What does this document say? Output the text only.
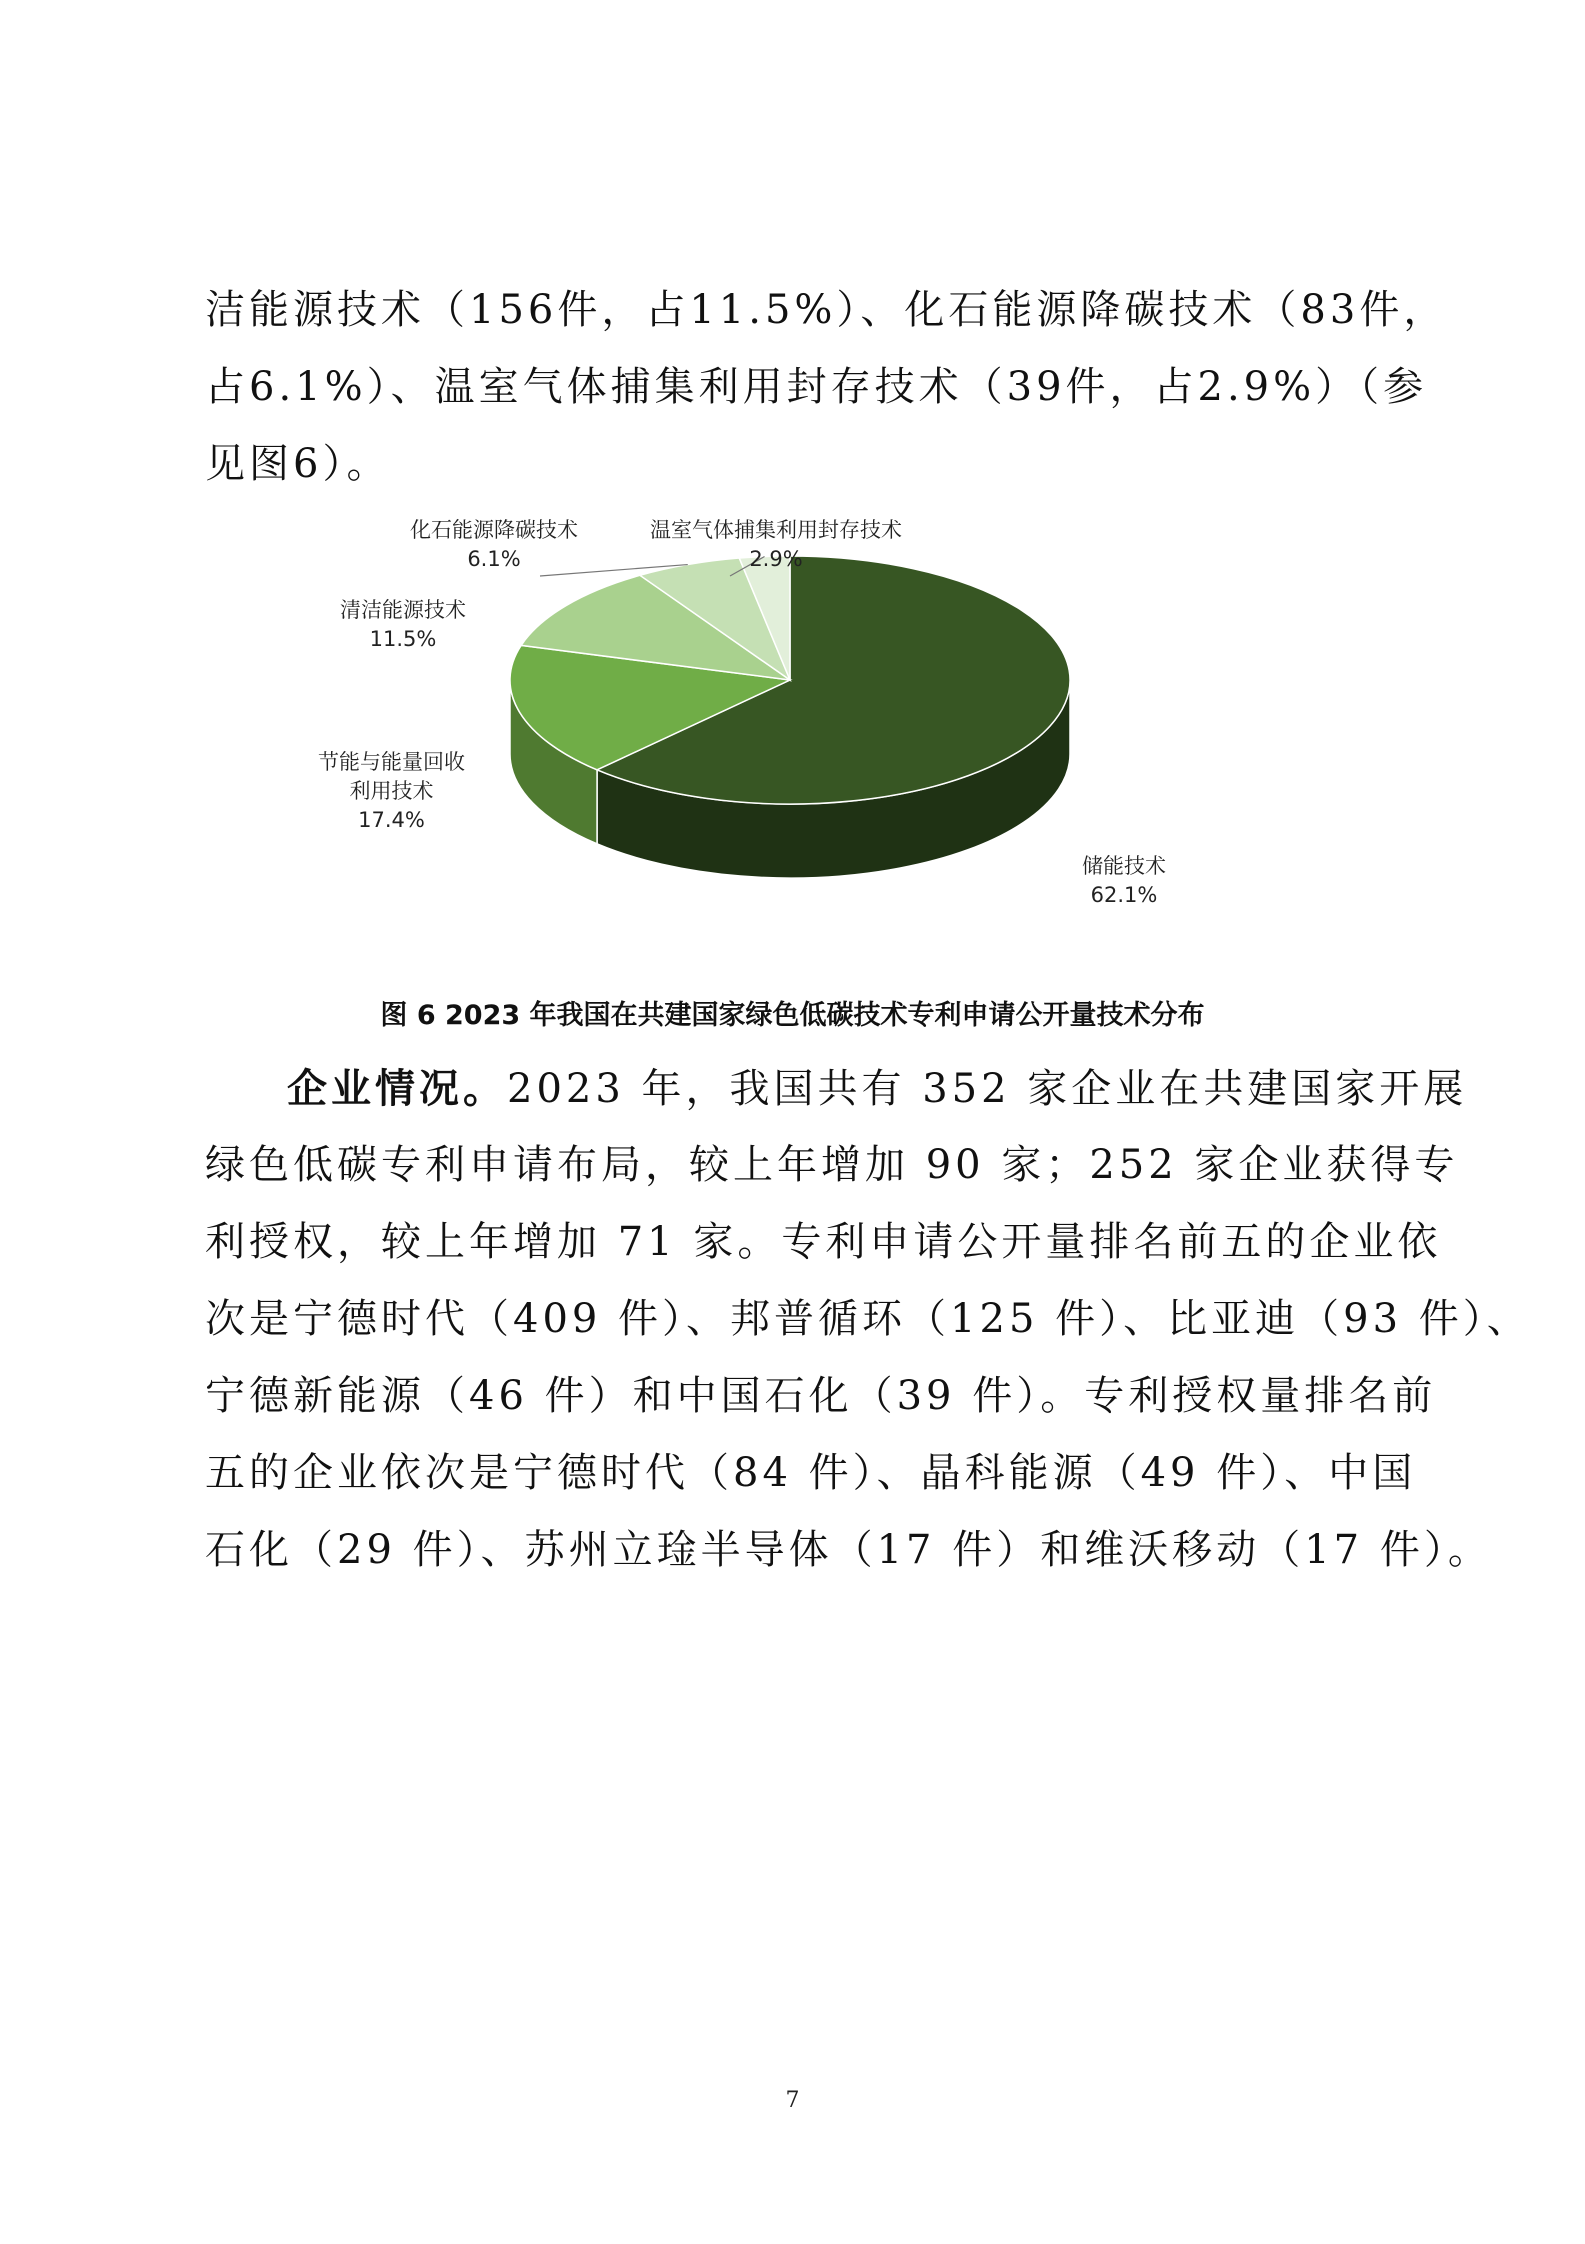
洁能源技术（156件，占11.5%）、化石能源降碳技术（83件，
占6.1%）、温室气体捕集利用封存技术（39件，占2.9%）（参
见图6）。
清洁能源技术
11.5%
化石能源降碳技术
6.1%
温室气体捕集利用封存技术
2.9%
节能与能量回收
利用技术
17.4%
储能技术
62.1%
图 6 2023 年我国在共建国家绿色低碳技术专利申请公开量技术分布
企业情况。2023 年，我国共有 352 家企业在共建国家开展
绿色低碳专利申请布局，较上年增加 90 家；252 家企业获得专
利授权，较上年增加 71 家。专利申请公开量排名前五的企业依
次是宁德时代（409 件）、邦普循环（125 件）、比亚迪（93 件）、
宁德新能源（46 件）和中国石化（39 件）。专利授权量排名前
五的企业依次是宁德时代（84 件）、晶科能源（49 件）、中国
石化（29 件）、苏州立琻半导体（17 件）和维沃移动（17 件）。
7
